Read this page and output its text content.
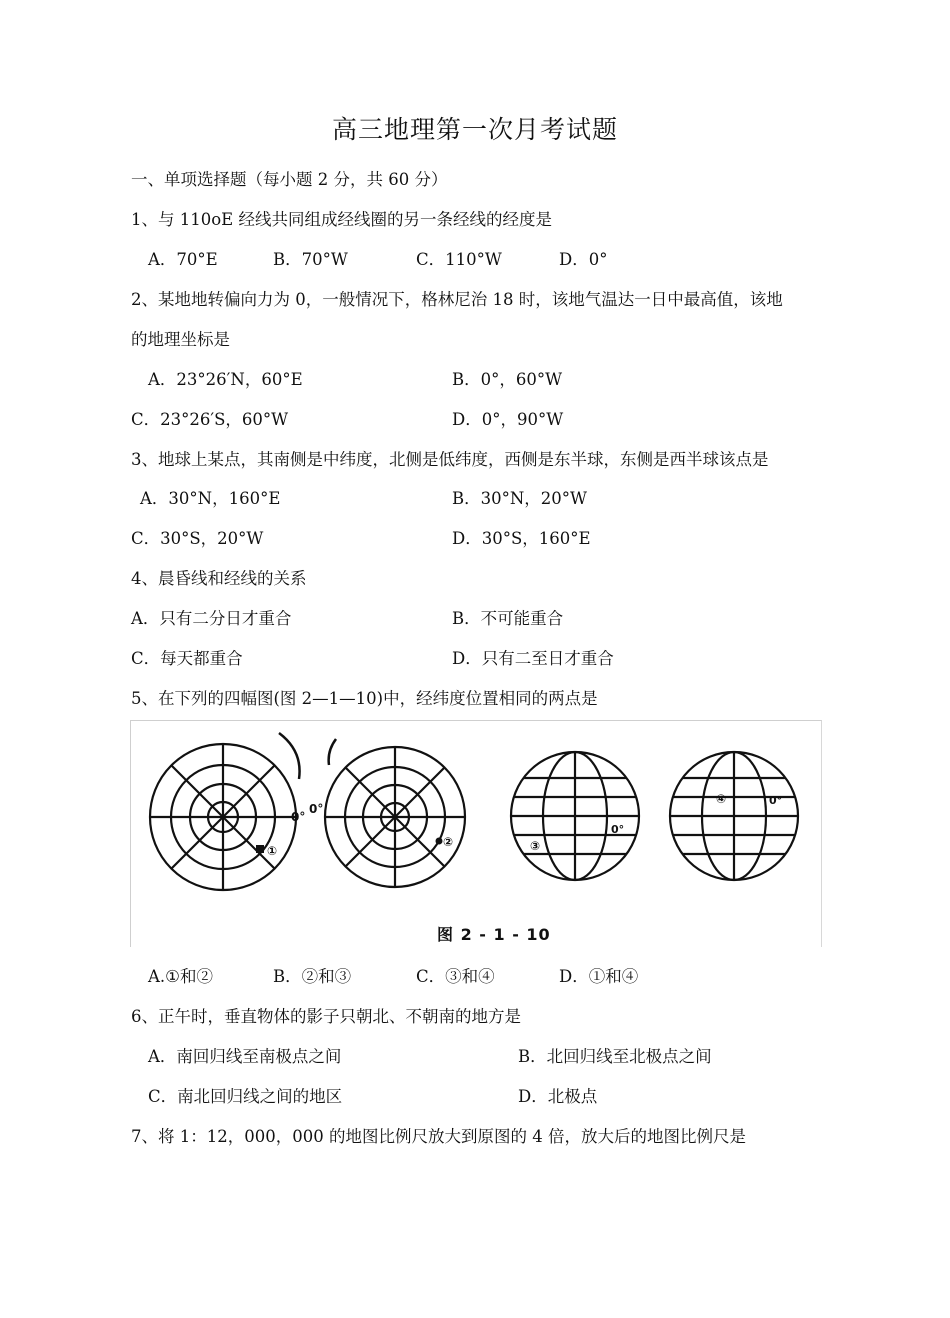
高三地理第一次月考试题
一、单项选择题（每小题 2 分，共 60 分）
1、与 110oE 经线共同组成经线圈的另一条经线的经度是
A．70°E	B．70°W	C．110°W	D．0°
2、某地地转偏向力为 0，一般情况下，格林尼治 18 时，该地气温达一日中最高值，该地
的地理坐标是
A．23°26′N，60°E	B．0°，60°W
C．23°26′S，60°W	D．0°，90°W
3、地球上某点，其南侧是中纬度，北侧是低纬度，西侧是东半球，东侧是西半球该点是
A．30°N，160°E	B．30°N，20°W
C．30°S，20°W	D．30°S，160°E
4、晨昏线和经线的关系
A．只有二分日才重合	B．不可能重合
C．每天都重合	D．只有二至日才重合
5、在下列的四幅图(图 2—1—10)中，经纬度位置相同的两点是
①
②	③
④
0°
0°
0°
0°
图 2 - 1 - 10
A.①和②	B．②和③	C．③和④	D．①和④
6、正午时，垂直物体的影子只朝北、不朝南的地方是
A．南回归线至南极点之间	B．北回归线至北极点之间
C．南北回归线之间的地区	D．北极点
7、将 1：12，000，000 的地图比例尺放大到原图的 4 倍，放大后的地图比例尺是
